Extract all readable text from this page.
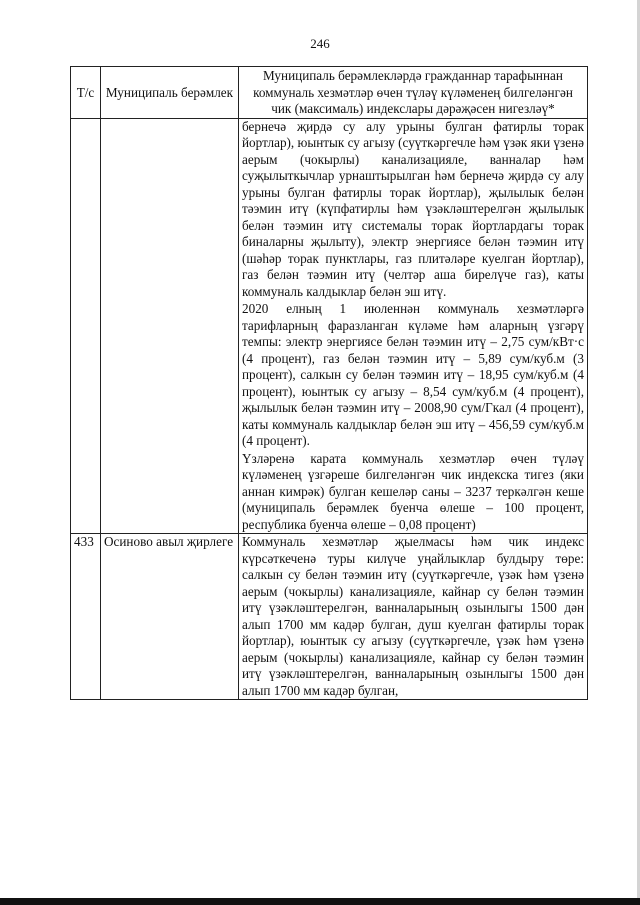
246
Т/с	Муниципаль берәмлек	Муниципаль берәмлекләрдә гражданнар тарафыннан коммуналь хезмәтләр өчен түләү күләменең билгеләнгән чик (максималь) индекслары дәрәҗәсен нигезләү*

		бернечә җирдә су алу урыны булган фатирлы торак йортлар), юынтык су агызу (суүткәргечле һәм үзәк яки үзенә аерым (чокырлы) канализацияле, ванналар һәм суҗылыткычлар урнаштырылган һәм бернечә җирдә су алу урыны булган фатирлы торак йортлар), җылылык белән тәэмин итү (күпфатирлы һәм үзәкләштерелгән җылылык белән тәэмин итү системалы торак йортлардагы торак биналарны җылыту), электр энергиясе белән тәэмин итү (шәһәр торак пунктлары, газ плитәләре куелган йортлар), газ белән тәэмин итү (челтәр аша бирелүче газ), каты коммуналь калдыклар белән эш итү.
2020 елның 1 июленнән коммуналь хезмәтләргә тарифларның фаразланган күләме һәм аларның үзгәрү темпы: электр энергиясе белән тәэмин итү – 2,75 сум/кВт·с (4 процент), газ белән тәэмин итү – 5,89 сум/куб.м (3 процент), салкын су белән тәэмин итү – 18,95 сум/куб.м (4 процент), юынтык су агызу – 8,54 сум/куб.м (4 процент), җылылык белән тәэмин итү – 2008,90 сум/Гкал (4 процент), каты коммуналь калдыклар белән эш итү – 456,59 сум/куб.м (4 процент).
Үзләренә карата коммуналь хезмәтләр өчен түләү күләменең үзгәреше билгеләнгән чик индекска тигез (яки аннан кимрәк) булган кешеләр саны – 3237 теркәлгән кеше (муниципаль берәмлек буенча өлеше – 100 процент, республика буенча өлеше – 0,08 процент)

433	Осиново авыл җирлеге	Коммуналь хезмәтләр җыелмасы һәм чик индекс күрсәткеченә туры килүче уңайлыклар булдыру төре: салкын су белән тәэмин итү (суүткәргечле, үзәк һәм үзенә аерым (чокырлы) канализацияле, кайнар су белән тәэмин итү үзәкләштерелгән, ванналарының озынлыгы 1500 дән алып 1700 мм кадәр булган, душ куелган фатирлы торак йортлар), юынтык су агызу (суүткәргечле, үзәк һәм үзенә аерым (чокырлы) канализацияле, кайнар су белән тәэмин итү үзәкләштерелгән, ванналарының озынлыгы 1500 дән алып 1700 мм кадәр булган,
